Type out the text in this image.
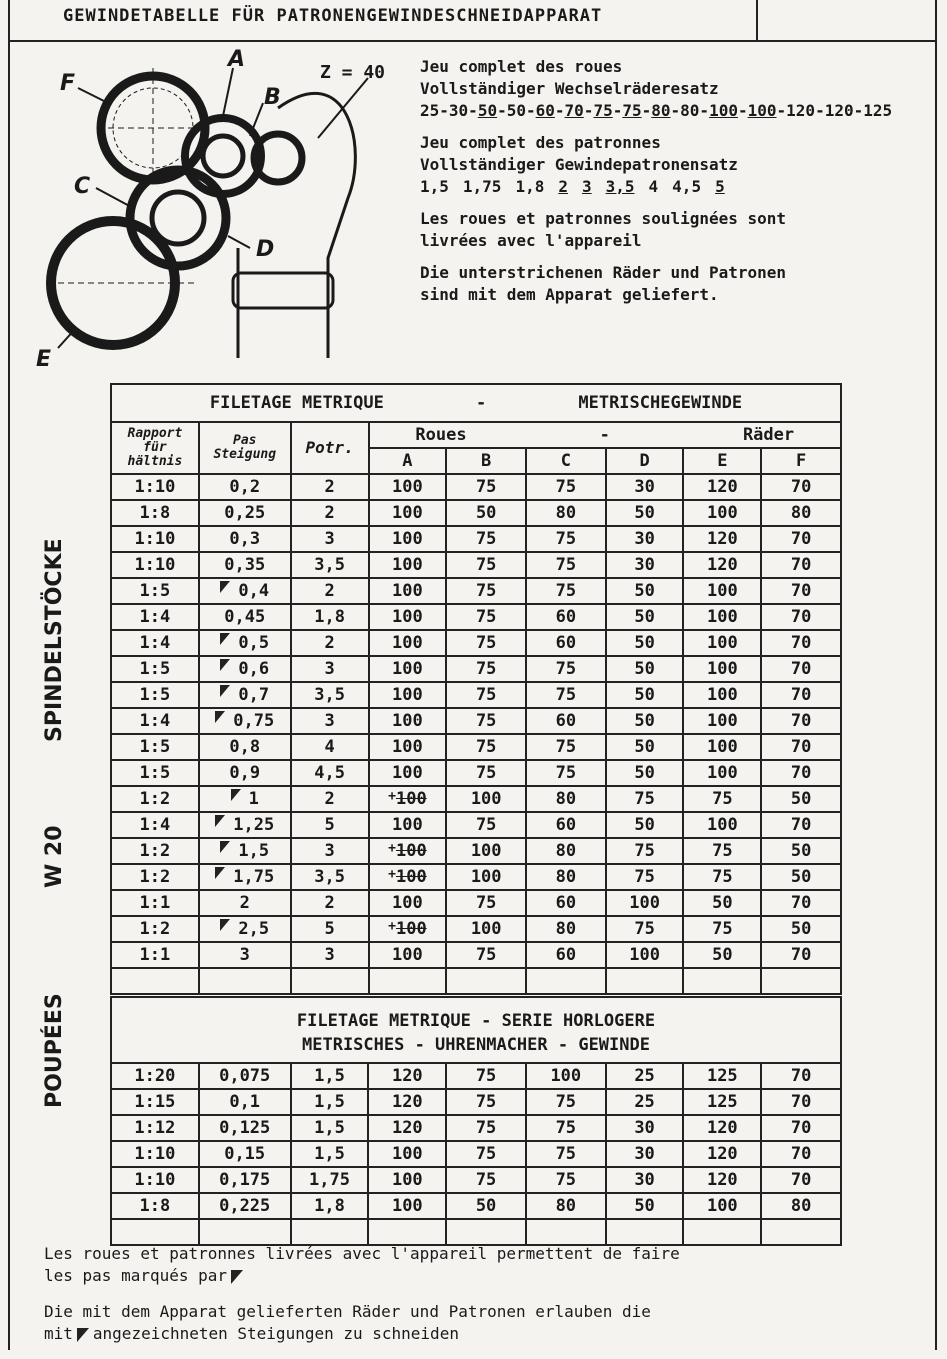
GEWINDETABELLE FÜR PATRONENGEWINDESCHNEIDAPPARAT
F
A
B
C
D
E
Z = 40 Jeu complet des roues
Vollständiger Wechselräderesatz
25-30-50-50-60-70-75-75-80-80-100-100-120-120-125
Jeu complet des patronnes
Vollständiger Gewindepatronensatz
1,5 1,75 1,8 2 3 3,5 4 4,5 5
Les roues et patronnes soulignées sont
livrées avec l'appareil
Die unterstrichenen Räder und Patronen
sind mit dem Apparat geliefert.
SPINDELSTÖCKE
W 20
POUPÉES
FILETAGE METRIQUE - METRISCHEGEWINDE								
Rapport für hältnis	Pas Steigung	Potr.	Roues - Räder					
			A	B	C	D	E	F
1:10	0,2	2	100	75	75	30	120	70
1:8	0,25	2	100	50	80	50	100	80
1:10	0,3	3	100	75	75	30	120	70
1:10	0,35	3,5	100	75	75	30	120	70
1:5	0,4	2	100	75	75	50	100	70
1:4	0,45	1,8	100	75	60	50	100	70
1:4	0,5	2	100	75	60	50	100	70
1:5	0,6	3	100	75	75	50	100	70
1:5	0,7	3,5	100	75	75	50	100	70
1:4	0,75	3	100	75	60	50	100	70
1:5	0,8	4	100	75	75	50	100	70
1:5	0,9	4,5	100	75	75	50	100	70
1:2	1	2	+100	100	80	75	75	50
1:4	1,25	5	100	75	60	50	100	70
1:2	1,5	3	+100	100	80	75	75	50
1:2	1,75	3,5	+100	100	80	75	75	50
1:1	2	2	100	75	60	100	50	70
1:2	2,5	5	+100	100	80	75	75	50
1:1	3	3	100	75	60	100	50	70

FILETAGE METRIQUE - SERIE HORLOGERE
METRISCHES - UHRENMACHER - GEWINDE								

1:20	0,075	1,5	120	75	100	25	125	70
1:15	0,1	1,5	120	75	75	25	125	70
1:12	0,125	1,5	120	75	75	30	120	70
1:10	0,15	1,5	100	75	75	30	120	70
1:10	0,175	1,75	100	75	75	30	120	70
1:8	0,225	1,8	100	50	80	50	100	80

Les roues et patronnes livrées avec l'appareil permettent de faire
les pas marqués par
Die mit dem Apparat gelieferten Räder und Patronen erlauben die
mit angezeichneten Steigungen zu schneiden
